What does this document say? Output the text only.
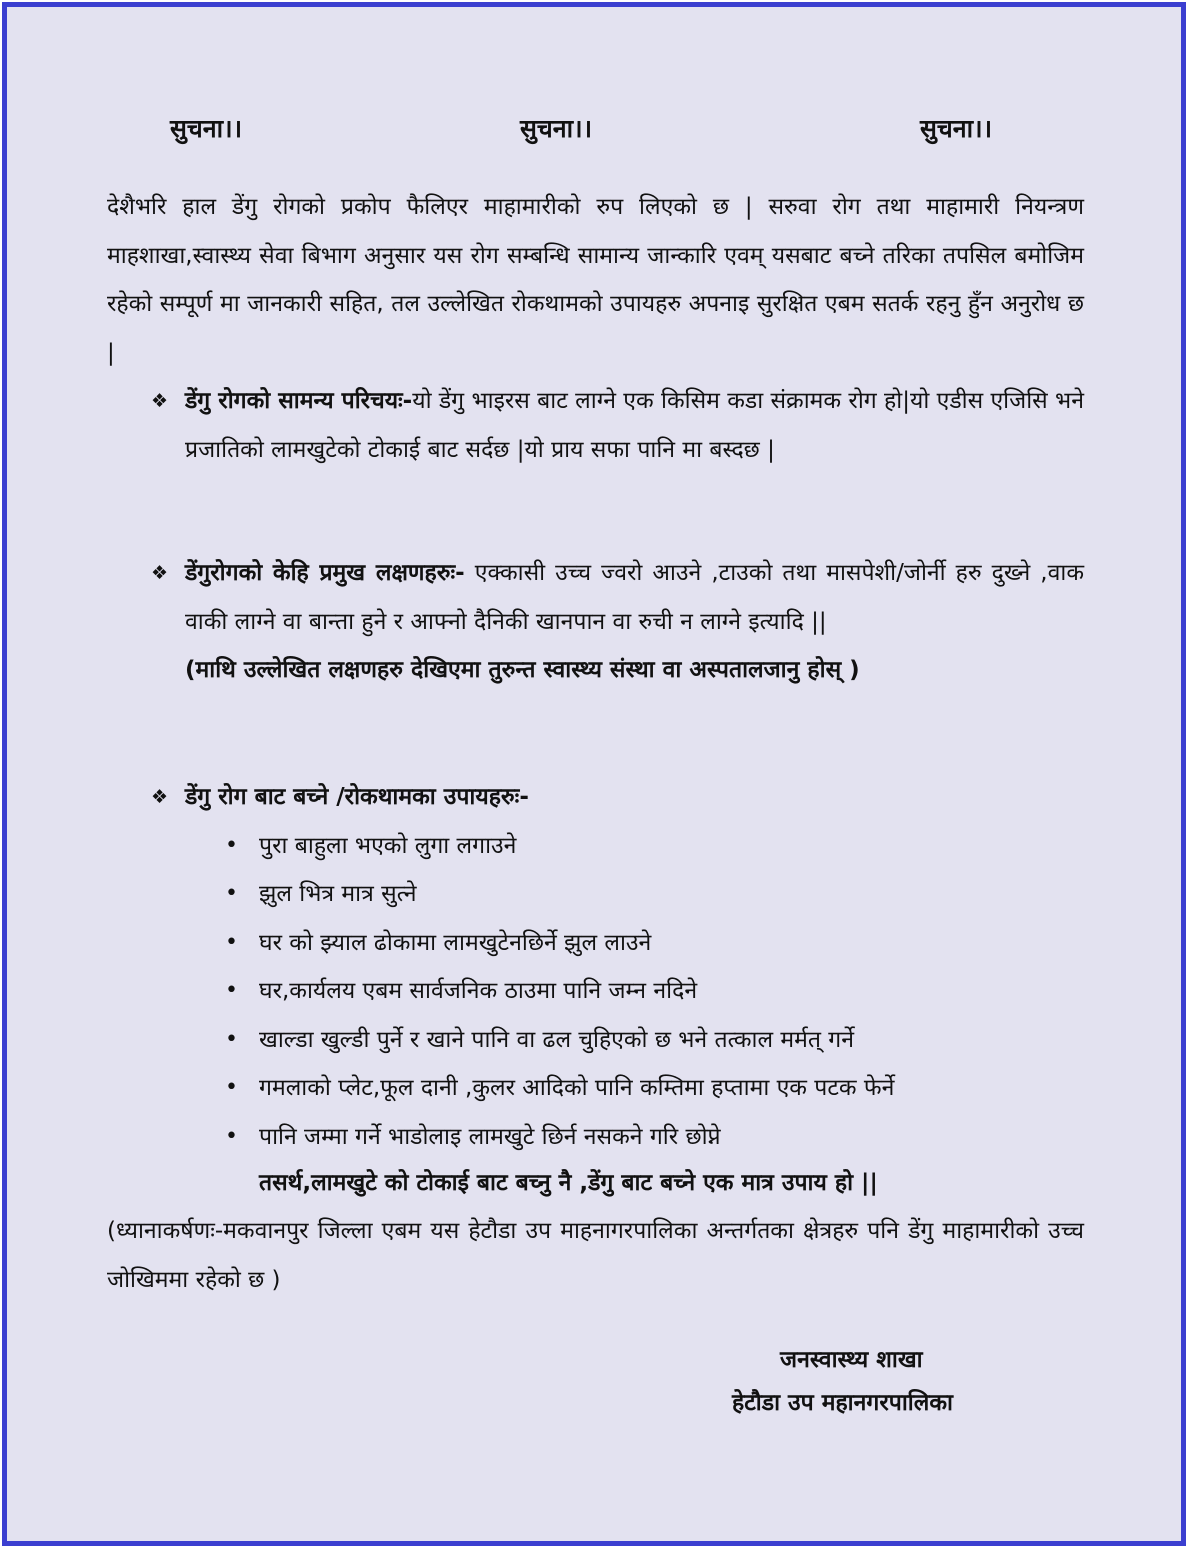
सुचना।।	सुचना।।	सुचना।।

देशैभरि हाल डेंगु रोगको प्रकोप फैलिएर माहामारीको रुप लिएको छ | सरुवा रोग तथा माहामारी नियन्त्रण माहशाखा,स्वास्थ्य सेवा बिभाग अनुसार यस रोग सम्बन्धि सामान्य जान्कारि एवम् यसबाट बच्ने तरिका तपसिल बमोजिम रहेको सम्पूर्ण मा जानकारी सहित, तल उल्लेखित रोकथामको उपायहरु अपनाइ सुरक्षित एबम सतर्क रहनु हुँन अनुरोध छ |

❖ डेंगु रोगको सामन्य परिचयः-यो डेंगु भाइरस बाट लाग्ने एक किसिम कडा संक्रामक रोग हो|यो एडीस एजिसि भने प्रजातिको लामखुटेको टोकाई बाट सर्दछ |यो प्राय सफा पानि मा बस्दछ |

❖ डेंगुरोगको केहि प्रमुख लक्षणहरुः- एक्कासी उच्च ज्वरो आउने ,टाउको तथा मासपेशी/जोर्नी हरु दुख्ने ,वाक वाकी लाग्ने वा बान्ता हुने र आफ्नो दैनिकी खानपान वा रुची न लाग्ने इत्यादि ||

(माथि उल्लेखित लक्षणहरु देखिएमा तुरुन्त स्वास्थ्य संस्था वा अस्पतालजानु होस् )

❖ डेंगु रोग बाट बच्ने /रोकथामका उपायहरुः-

• पुरा बाहुला भएको लुगा लगाउने
• झुल भित्र मात्र सुत्ने
• घर को झ्याल ढोकामा लामखुटेनछिर्ने झुल लाउने
• घर,कार्यलय एबम सार्वजनिक ठाउमा पानि जम्न नदिने
• खाल्डा खुल्डी पुर्ने र खाने पानि वा ढल चुहिएको छ भने तत्काल मर्मत् गर्ने
• गमलाको प्लेट,फूल दानी ,कुलर आदिको पानि कम्तिमा हप्तामा एक पटक फेर्ने
• पानि जम्मा गर्ने भाडोलाइ लामखुटे छिर्न नसकने गरि छोप्ने
तसर्थ,लामखुटे को टोकाई बाट बच्नु नै ,डेंगु बाट बच्ने एक मात्र उपाय हो ||

(ध्यानाकर्षणः-मकवानपुर जिल्ला एबम यस हेटौडा उप माहनागरपालिका अन्तर्गतका क्षेत्रहरु पनि डेंगु माहामारीको उच्च जोखिममा रहेको छ )

जनस्वास्थ्य शाखा
हेटौडा उप महानगरपालिका
